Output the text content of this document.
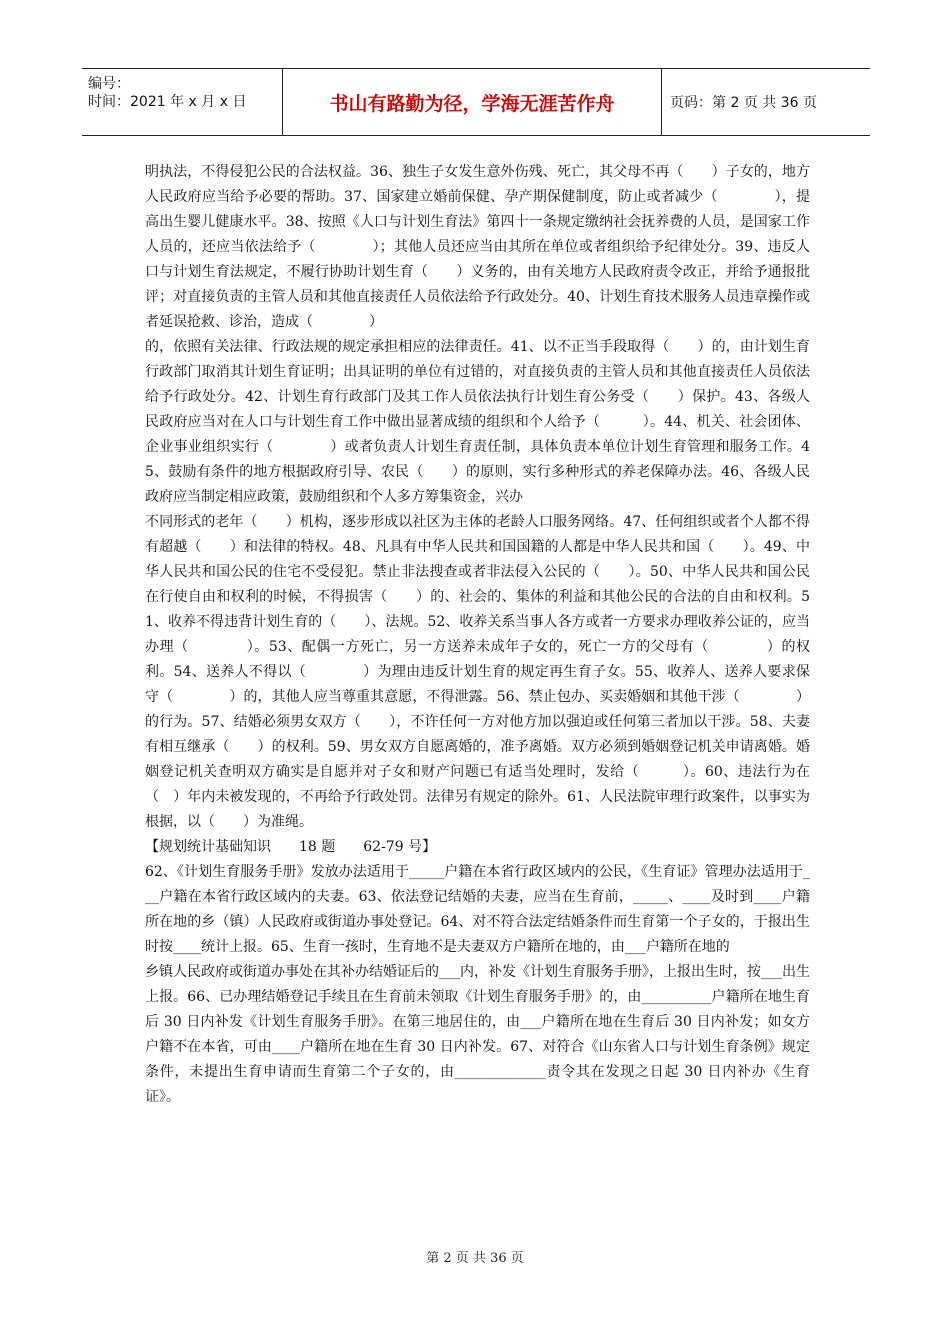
编号：
时间：2021 年 x 月 x 日	书山有路勤为径，学海无涯苦作舟	页码：第 2 页 共 36 页

明执法，不得侵犯公民的合法权益。36、独生子女发生意外伤残、死亡，其父母不再（　　）子女的，地方人民政府应当给予必要的帮助。37、国家建立婚前保健、孕产期保健制度，防止或者减少（　　　　），提高出生婴儿健康水平。38、按照《人口与计划生育法》第四十一条规定缴纳社会抚养费的人员，是国家工作人员的，还应当依法给予（　　　　）；其他人员还应当由其所在单位或者组织给予纪律处分。39、违反人口与计划生育法规定，不履行协助计划生育（　　）义务的，由有关地方人民政府责令改正，并给予通报批评；对直接负责的主管人员和其他直接责任人员依法给予行政处分。40、计划生育技术服务人员违章操作或者延误抢救、诊治，造成（　　　　）

的，依照有关法律、行政法规的规定承担相应的法律责任。41、以不正当手段取得（　　）的，由计划生育行政部门取消其计划生育证明；出具证明的单位有过错的，对直接负责的主管人员和其他直接责任人员依法给予行政处分。42、计划生育行政部门及其工作人员依法执行计划生育公务受（　　）保护。43、各级人民政府应当对在人口与计划生育工作中做出显著成绩的组织和个人给予（　　　）。44、机关、社会团体、企业事业组织实行（　　　　）或者负责人计划生育责任制，具体负责本单位计划生育管理和服务工作。45、鼓励有条件的地方根据政府引导、农民（　　）的原则，实行多种形式的养老保障办法。46、各级人民政府应当制定相应政策，鼓励组织和个人多方筹集资金，兴办

不同形式的老年（　　）机构，逐步形成以社区为主体的老龄人口服务网络。47、任何组织或者个人都不得有超越（　　）和法律的特权。48、凡具有中华人民共和国国籍的人都是中华人民共和国（　　）。49、中华人民共和国公民的住宅不受侵犯。禁止非法搜查或者非法侵入公民的（　　）。50、中华人民共和国公民在行使自由和权利的时候，不得损害（　　）的、社会的、集体的利益和其他公民的合法的自由和权利。51、收养不得违背计划生育的（　　）、法规。52、收养关系当事人各方或者一方要求办理收养公证的，应当办理（　　　　）。53、配偶一方死亡，另一方送养未成年子女的，死亡一方的父母有（　　　　）的权利。54、送养人不得以（　　　　）为理由违反计划生育的规定再生育子女。55、收养人、送养人要求保守（　　　　）的，其他人应当尊重其意愿，不得泄露。56、禁止包办、买卖婚姻和其他干涉（　　　　）的行为。57、结婚必须男女双方（　　），不许任何一方对他方加以强迫或任何第三者加以干涉。58、夫妻有相互继承（　　）的权利。59、男女双方自愿离婚的，准予离婚。双方必须到婚姻登记机关申请离婚。婚姻登记机关查明双方确实是自愿并对子女和财产问题已有适当处理时，发给（　　　）。60、违法行为在（　）年内未被发现的，不再给予行政处罚。法律另有规定的除外。61、人民法院审理行政案件，以事实为根据，以（　　）为准绳。

【规划统计基础知识　　18 题　　62-79 号】

62、《计划生育服务手册》发放办法适用于_____户籍在本省行政区域内的公民，《生育证》管理办法适用于___户籍在本省行政区域内的夫妻。63、依法登记结婚的夫妻，应当在生育前，_____、____及时到____户籍所在地的乡（镇）人民政府或街道办事处登记。64、对不符合法定结婚条件而生育第一个子女的，于报出生时按____统计上报。65、生育一孩时，生育地不是夫妻双方户籍所在地的，由___户籍所在地的

乡镇人民政府或街道办事处在其补办结婚证后的___内，补发《计划生育服务手册》，上报出生时，按___出生上报。66、已办理结婚登记手续且在生育前未领取《计划生育服务手册》的，由__________户籍所在地生育后 30 日内补发《计划生育服务手册》。在第三地居住的，由___户籍所在地在生育后 30 日内补发；如女方户籍不在本省，可由____户籍所在地在生育 30 日内补发。67、对符合《山东省人口与计划生育条例》规定条件，未提出生育申请而生育第二个子女的，由_____________责令其在发现之日起 30 日内补办《生育证》。

第 2 页 共 36 页
